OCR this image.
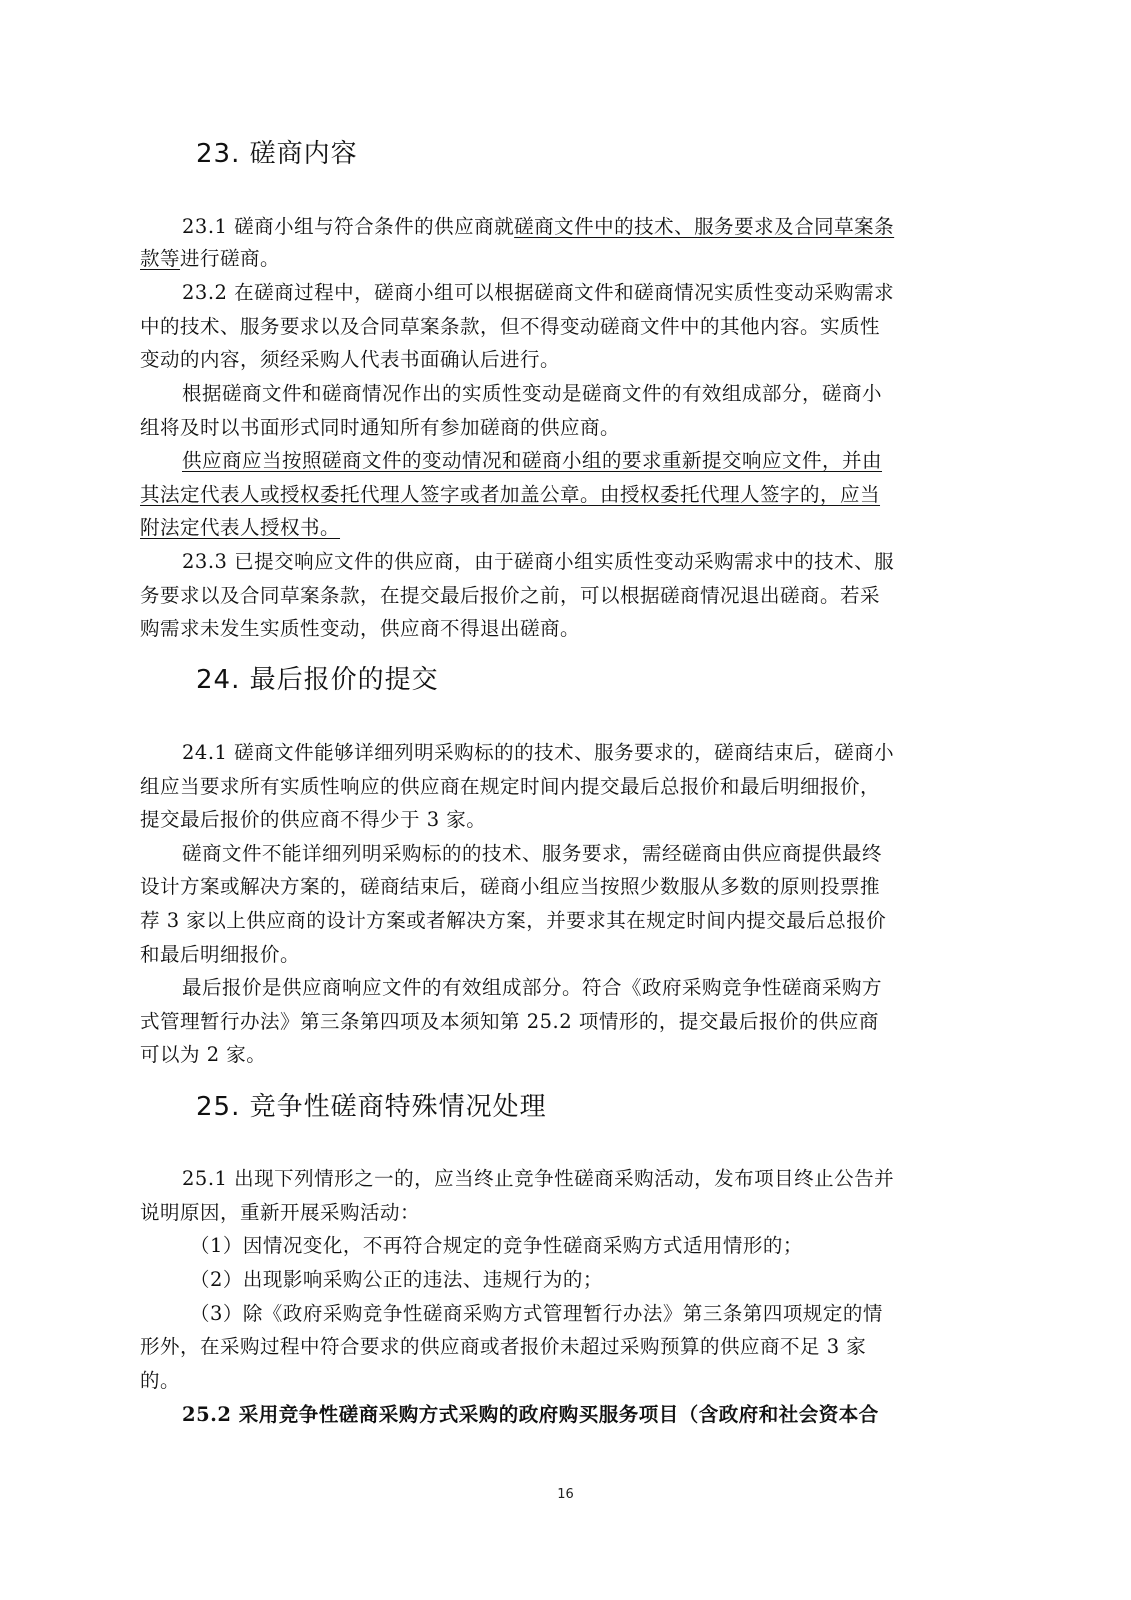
23. 磋商内容
23.1 磋商小组与符合条件的供应商就磋商文件中的技术、服务要求及合同草案条
款等进行磋商。
23.2 在磋商过程中，磋商小组可以根据磋商文件和磋商情况实质性变动采购需求
中的技术、服务要求以及合同草案条款，但不得变动磋商文件中的其他内容。实质性
变动的内容，须经采购人代表书面确认后进行。
根据磋商文件和磋商情况作出的实质性变动是磋商文件的有效组成部分，磋商小
组将及时以书面形式同时通知所有参加磋商的供应商。
供应商应当按照磋商文件的变动情况和磋商小组的要求重新提交响应文件，并由
其法定代表人或授权委托代理人签字或者加盖公章。由授权委托代理人签字的，应当
附法定代表人授权书。
23.3 已提交响应文件的供应商，由于磋商小组实质性变动采购需求中的技术、服
务要求以及合同草案条款，在提交最后报价之前，可以根据磋商情况退出磋商。若采
购需求未发生实质性变动，供应商不得退出磋商。
24. 最后报价的提交
24.1 磋商文件能够详细列明采购标的的技术、服务要求的，磋商结束后，磋商小
组应当要求所有实质性响应的供应商在规定时间内提交最后总报价和最后明细报价，
提交最后报价的供应商不得少于 3 家。
磋商文件不能详细列明采购标的的技术、服务要求，需经磋商由供应商提供最终
设计方案或解决方案的，磋商结束后，磋商小组应当按照少数服从多数的原则投票推
荐 3 家以上供应商的设计方案或者解决方案，并要求其在规定时间内提交最后总报价
和最后明细报价。
最后报价是供应商响应文件的有效组成部分。符合《政府采购竞争性磋商采购方
式管理暂行办法》第三条第四项及本须知第 25.2 项情形的，提交最后报价的供应商
可以为 2 家。
25. 竞争性磋商特殊情况处理
25.1 出现下列情形之一的，应当终止竞争性磋商采购活动，发布项目终止公告并
说明原因，重新开展采购活动：
（1）因情况变化，不再符合规定的竞争性磋商采购方式适用情形的；
（2）出现影响采购公正的违法、违规行为的；
（3）除《政府采购竞争性磋商采购方式管理暂行办法》第三条第四项规定的情
形外，在采购过程中符合要求的供应商或者报价未超过采购预算的供应商不足 3 家
的。
25.2 采用竞争性磋商采购方式采购的政府购买服务项目（含政府和社会资本合
16
